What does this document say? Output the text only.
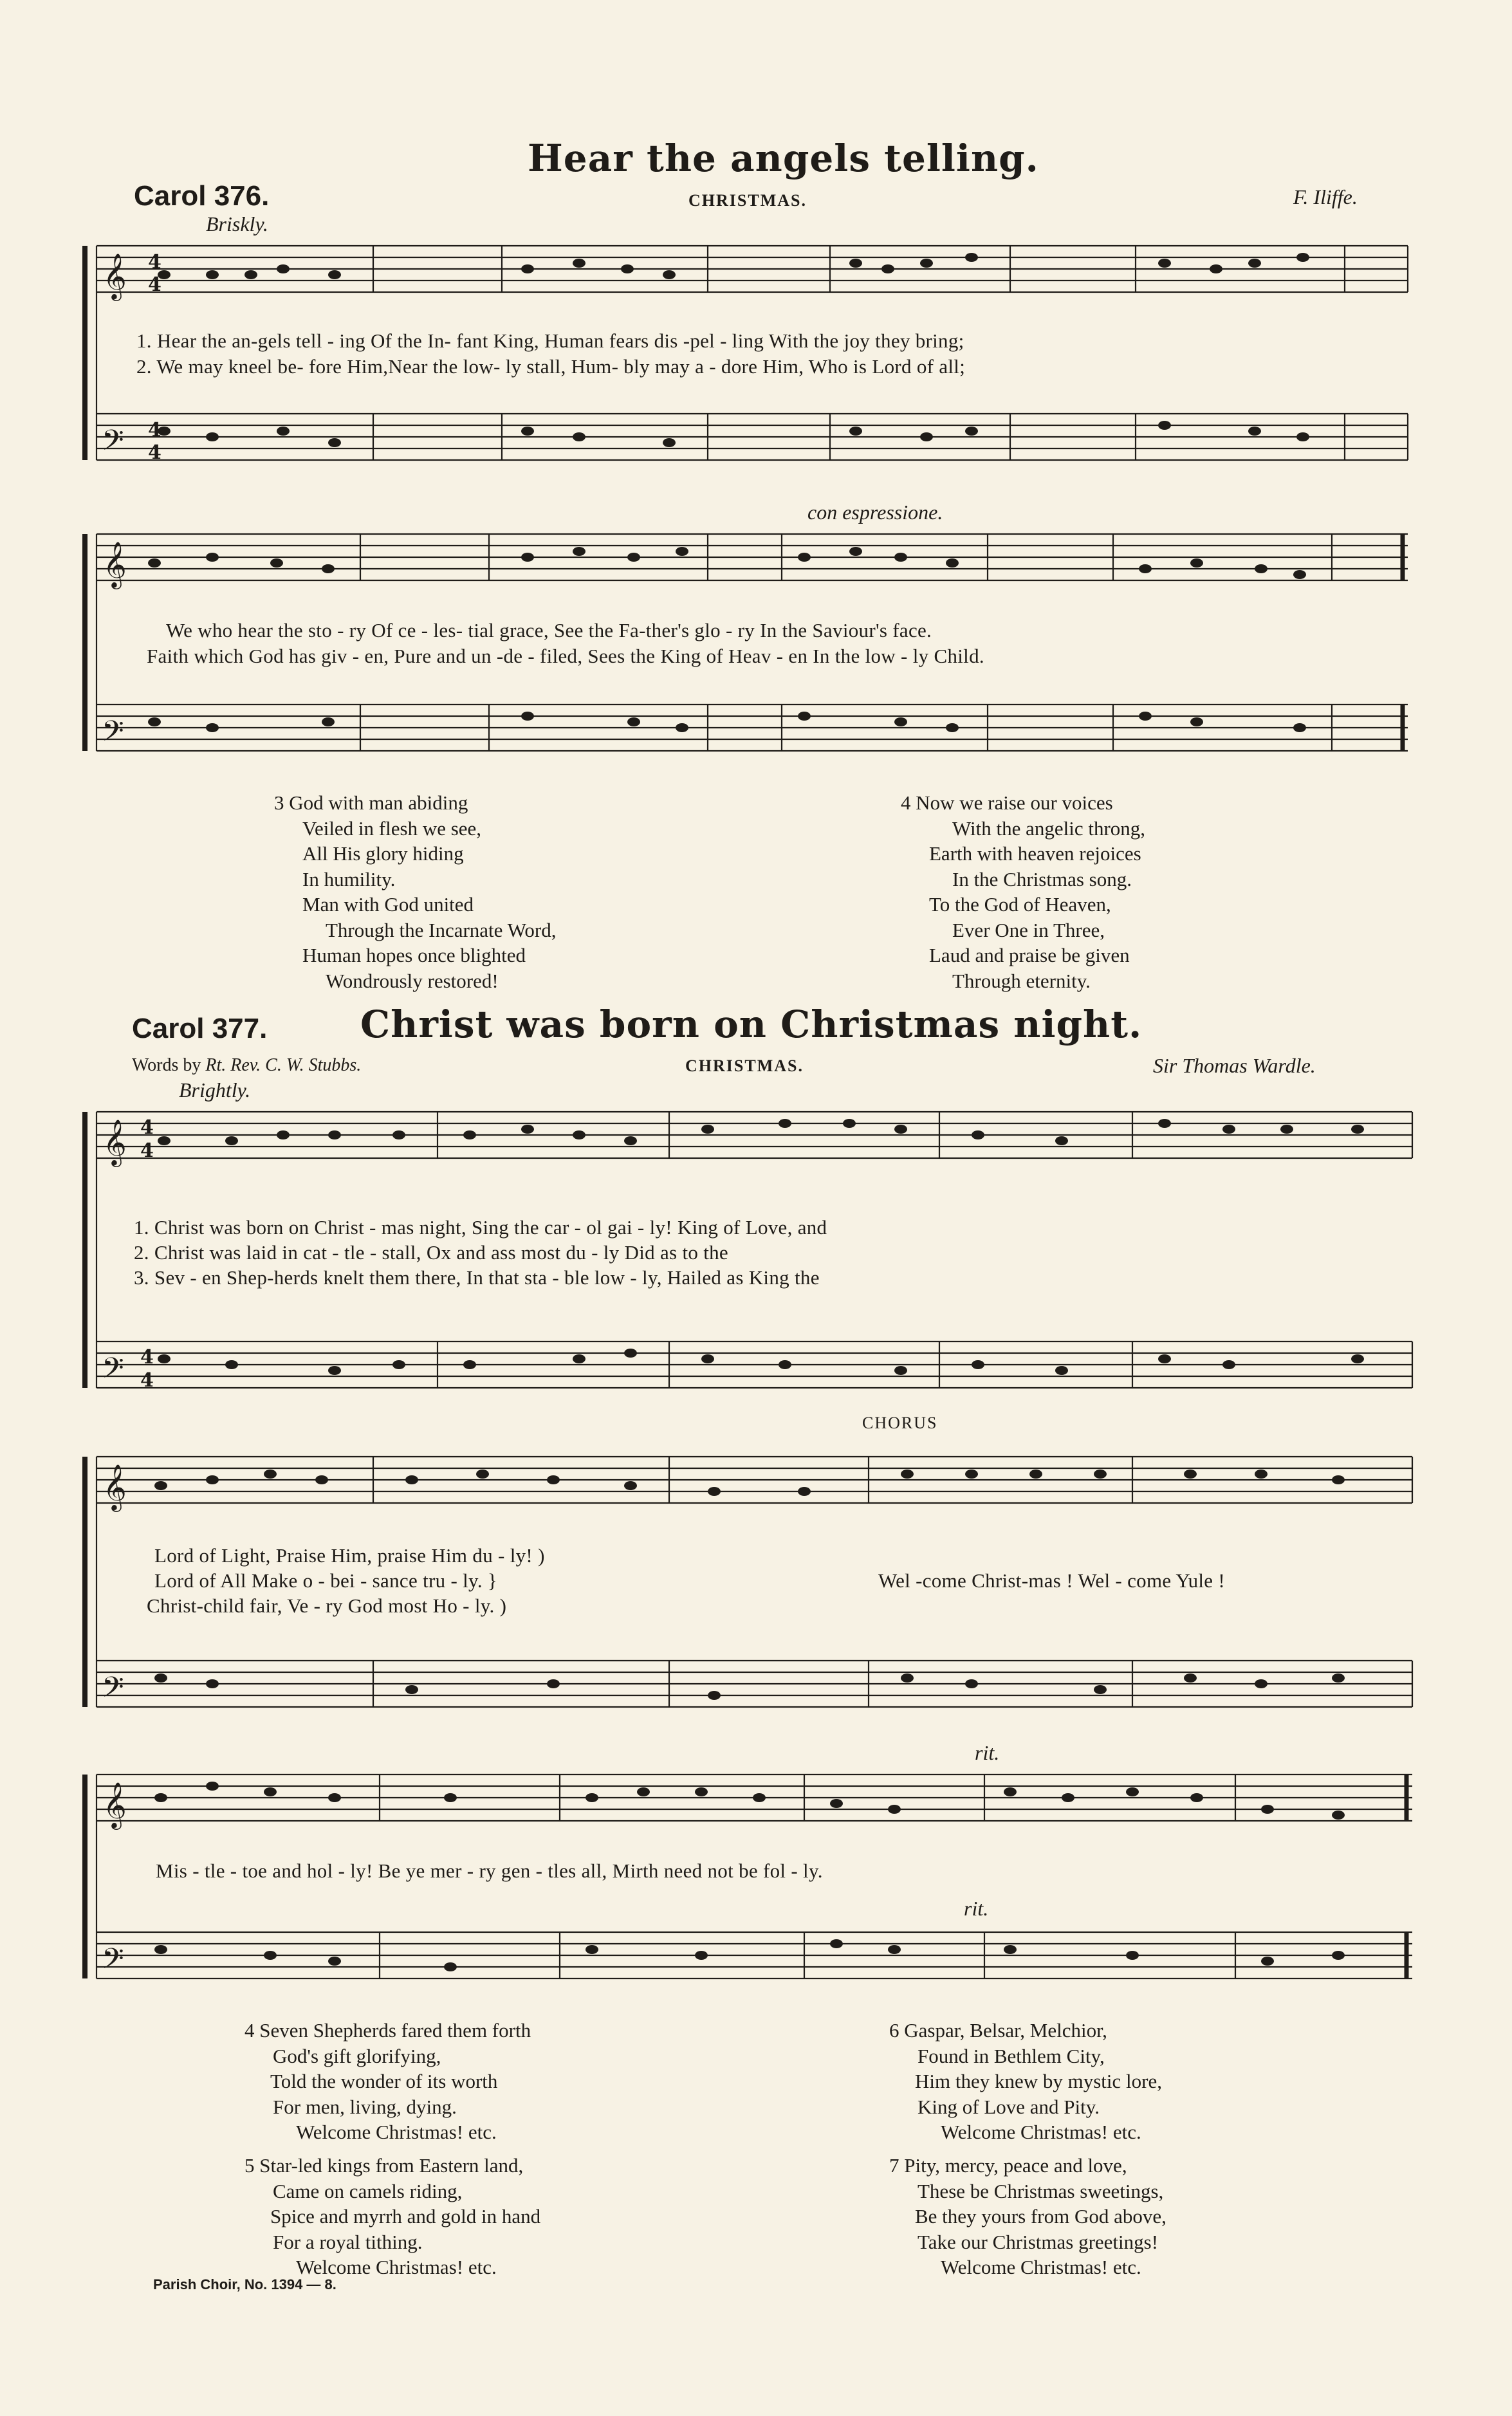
Hear the angels telling.
Carol 376.	CHRISTMAS.	F. Iliffe.
Briskly.
𝄞
𝄞
𝄢
𝄢
4
4
4
4
con espressione.
1. Hear the an-gels tell - ing Of the In- fant King, Human fears dis -pel - ling With the joy they bring;
2. We may kneel be- fore Him,Near the low- ly stall, Hum- bly may a - dore Him, Who is Lord of all;
We who hear the sto - ry Of ce - les- tial grace, See the Fa-ther's glo - ry In the Saviour's face.
Faith which God has giv - en, Pure and un -de - filed, Sees the King of Heav - en In the low - ly Child.
3 God with man abiding
Veiled in flesh we see,
All His glory hiding
In humility.
Man with God united
Through the Incarnate Word,
Human hopes once blighted
Wondrously restored!
4 Now we raise our voices
With the angelic throng,
Earth with heaven rejoices
In the Christmas song.
To the God of Heaven,
Ever One in Three,
Laud and praise be given
Through eternity.
Carol 377. Christ was born on Christmas night.
Words by Rt. Rev. C. W. Stubbs.	CHRISTMAS.	Sir Thomas Wardle.
Brightly.
𝄞
𝄞
𝄞
𝄢
𝄢
𝄢
4
4
4
4
CHORUS
rit.
rit.
1. Christ was born on Christ - mas night, Sing the car - ol gai - ly! King of Love, and
2. Christ was laid in cat - tle - stall, Ox and ass most du - ly Did as to the
3. Sev - en Shep-herds knelt them there, In that sta - ble low - ly, Hailed as King the
Lord of Light, Praise Him, praise Him du - ly! )
Lord of All Make o - bei - sance tru - ly. }
Christ-child fair, Ve - ry God most Ho - ly. )
Wel -come Christ-mas ! Wel - come Yule !
Mis - tle - toe and hol - ly! Be ye mer - ry gen - tles all, Mirth need not be fol - ly.
4 Seven Shepherds fared them forth
God's gift glorifying,
Told the wonder of its worth
For men, living, dying.
Welcome Christmas! etc.
5 Star-led kings from Eastern land,
Came on camels riding,
Spice and myrrh and gold in hand
For a royal tithing.
Welcome Christmas! etc.
6 Gaspar, Belsar, Melchior,
Found in Bethlem City,
Him they knew by mystic lore,
King of Love and Pity.
Welcome Christmas! etc.
7 Pity, mercy, peace and love,
These be Christmas sweetings,
Be they yours from God above,
Take our Christmas greetings!
Welcome Christmas! etc.
Parish Choir, No. 1394 — 8.
